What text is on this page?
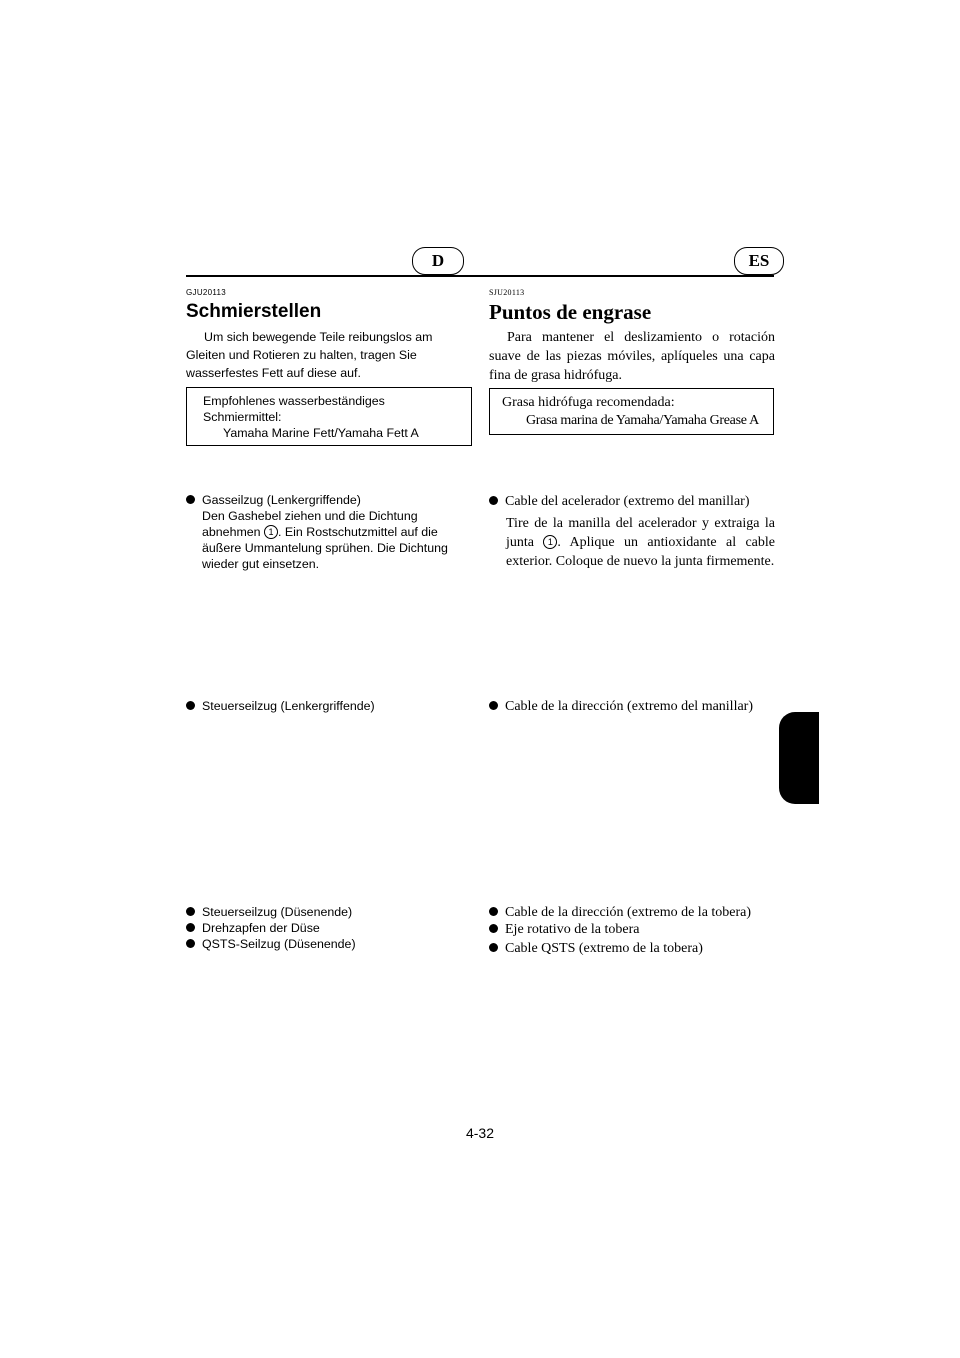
D	ES

GJU20113

Schmierstellen

Um sich bewegende Teile reibungslos am Gleiten und Rotieren zu halten, tragen Sie wasserfestes Fett auf diese auf.

Empfohlenes wasserbeständiges Schmiermittel:
Yamaha Marine Fett/Yamaha Fett A
Gasseilzug (Lenkergriffende)
Den Gashebel ziehen und die Dichtung abnehmen 1 . Ein Rostschutzmittel auf die äußere Ummantelung sprühen. Die Dichtung wieder gut einsetzen.
Steuerseilzug (Lenkergriffende)
Steuerseilzug (Düsenende)
Drehzapfen der Düse
QSTS-Seilzug (Düsenende)

SJU20113

Puntos de engrase

Para mantener el deslizamiento o rotación suave de las piezas móviles, aplíqueles una capa fina de grasa hidrófuga.

Grasa hidrófuga recomendada:
Grasa marina de Yamaha/Yamaha Grease A
Cable del acelerador (extremo del manillar)
Tire de la manilla del acelerador y extraiga la junta 1 . Aplique un antioxidante al cable exterior. Coloque de nuevo la junta firmemente.
Cable de la dirección (extremo del manillar)
Cable de la dirección (extremo de la tobera)
Eje rotativo de la tobera
Cable QSTS (extremo de la tobera)
4-32
